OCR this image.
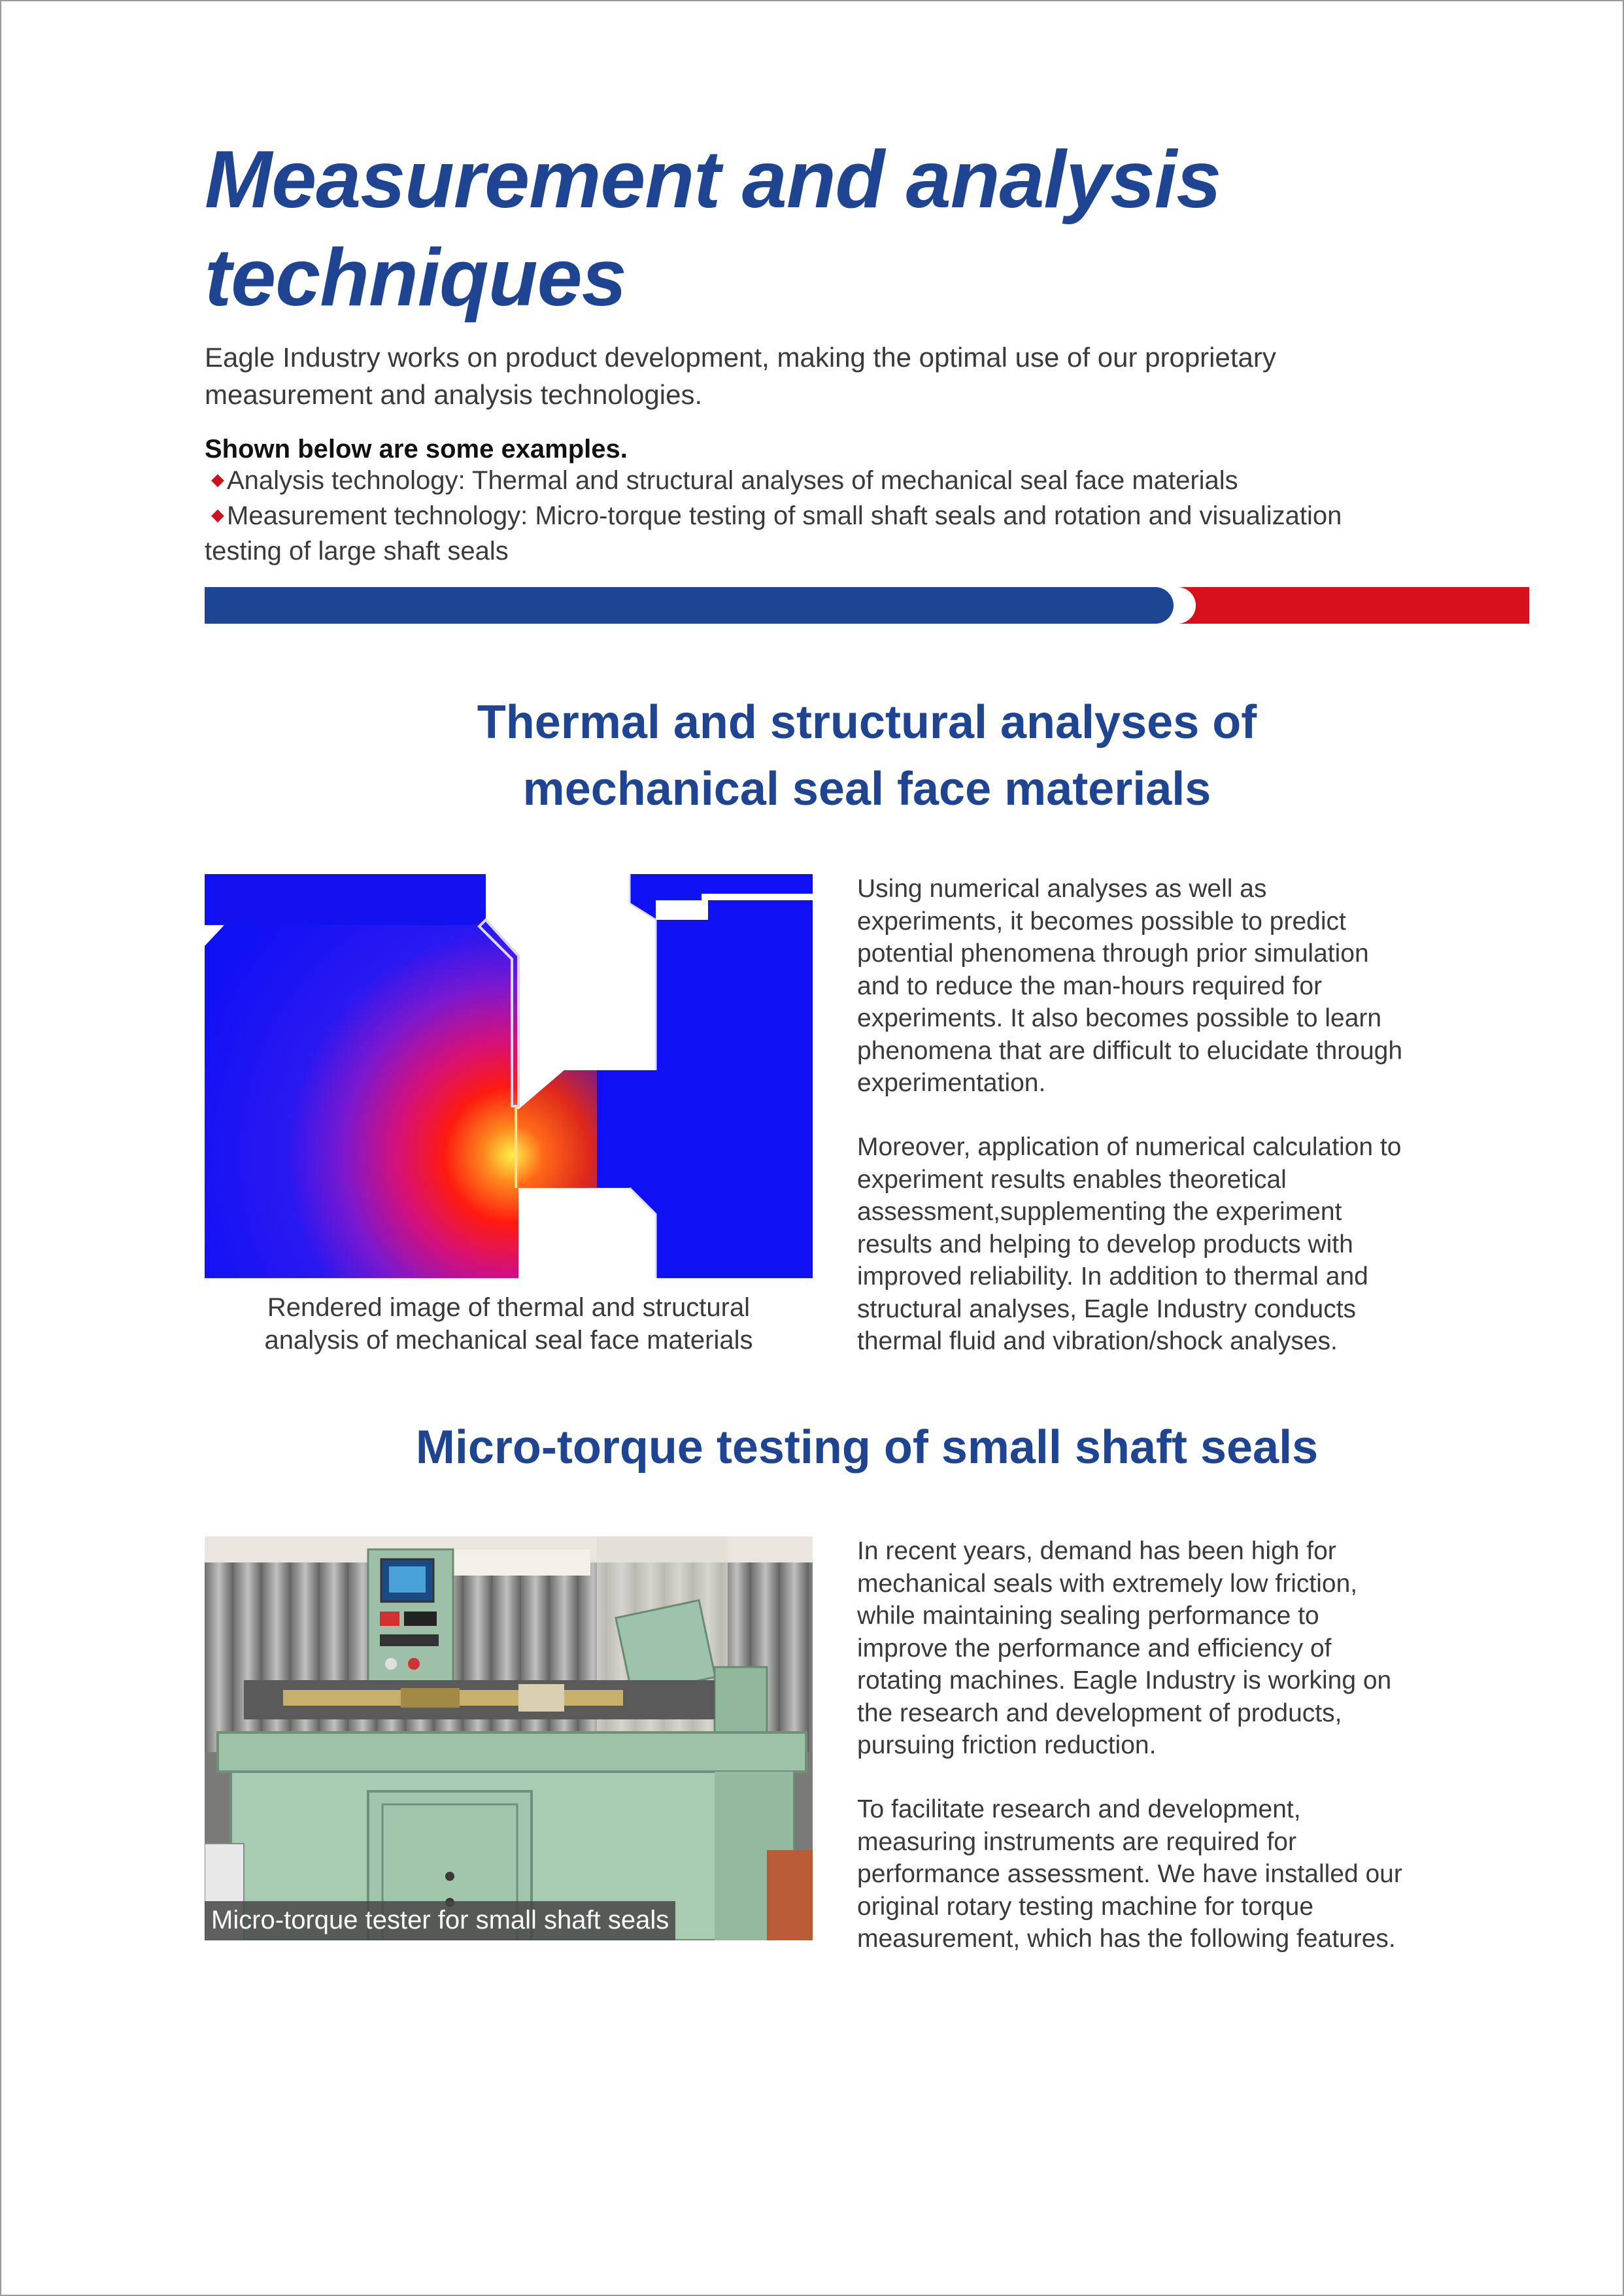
Measurement and analysis
techniques

Eagle Industry works on product development, making the optimal use of our proprietary
measurement and analysis technologies.

Shown below are some examples.

◆ Analysis technology: Thermal and structural analyses of mechanical seal face materials

◆ Measurement technology: Micro-torque testing of small shaft seals and rotation and visualization
testing of large shaft seals

Thermal and structural analyses of
mechanical seal face materials

Rendered image of thermal and structural
analysis of mechanical seal face materials

Using numerical analyses as well as
experiments, it becomes possible to predict
potential phenomena through prior simulation
and to reduce the man-hours required for
experiments. It also becomes possible to learn
phenomena that are difficult to elucidate through
experimentation.

Moreover, application of numerical calculation to
experiment results enables theoretical
assessment,supplementing the experiment
results and helping to develop products with
improved reliability. In addition to thermal and
structural analyses, Eagle Industry conducts
thermal fluid and vibration/shock analyses.

Micro-torque testing of small shaft seals
Micro-torque tester for small shaft seals

In recent years, demand has been high for
mechanical seals with extremely low friction,
while maintaining sealing performance to
improve the performance and efficiency of
rotating machines. Eagle Industry is working on
the research and development of products,
pursuing friction reduction.

To facilitate research and development,
measuring instruments are required for
performance assessment. We have installed our
original rotary testing machine for torque
measurement, which has the following features.
